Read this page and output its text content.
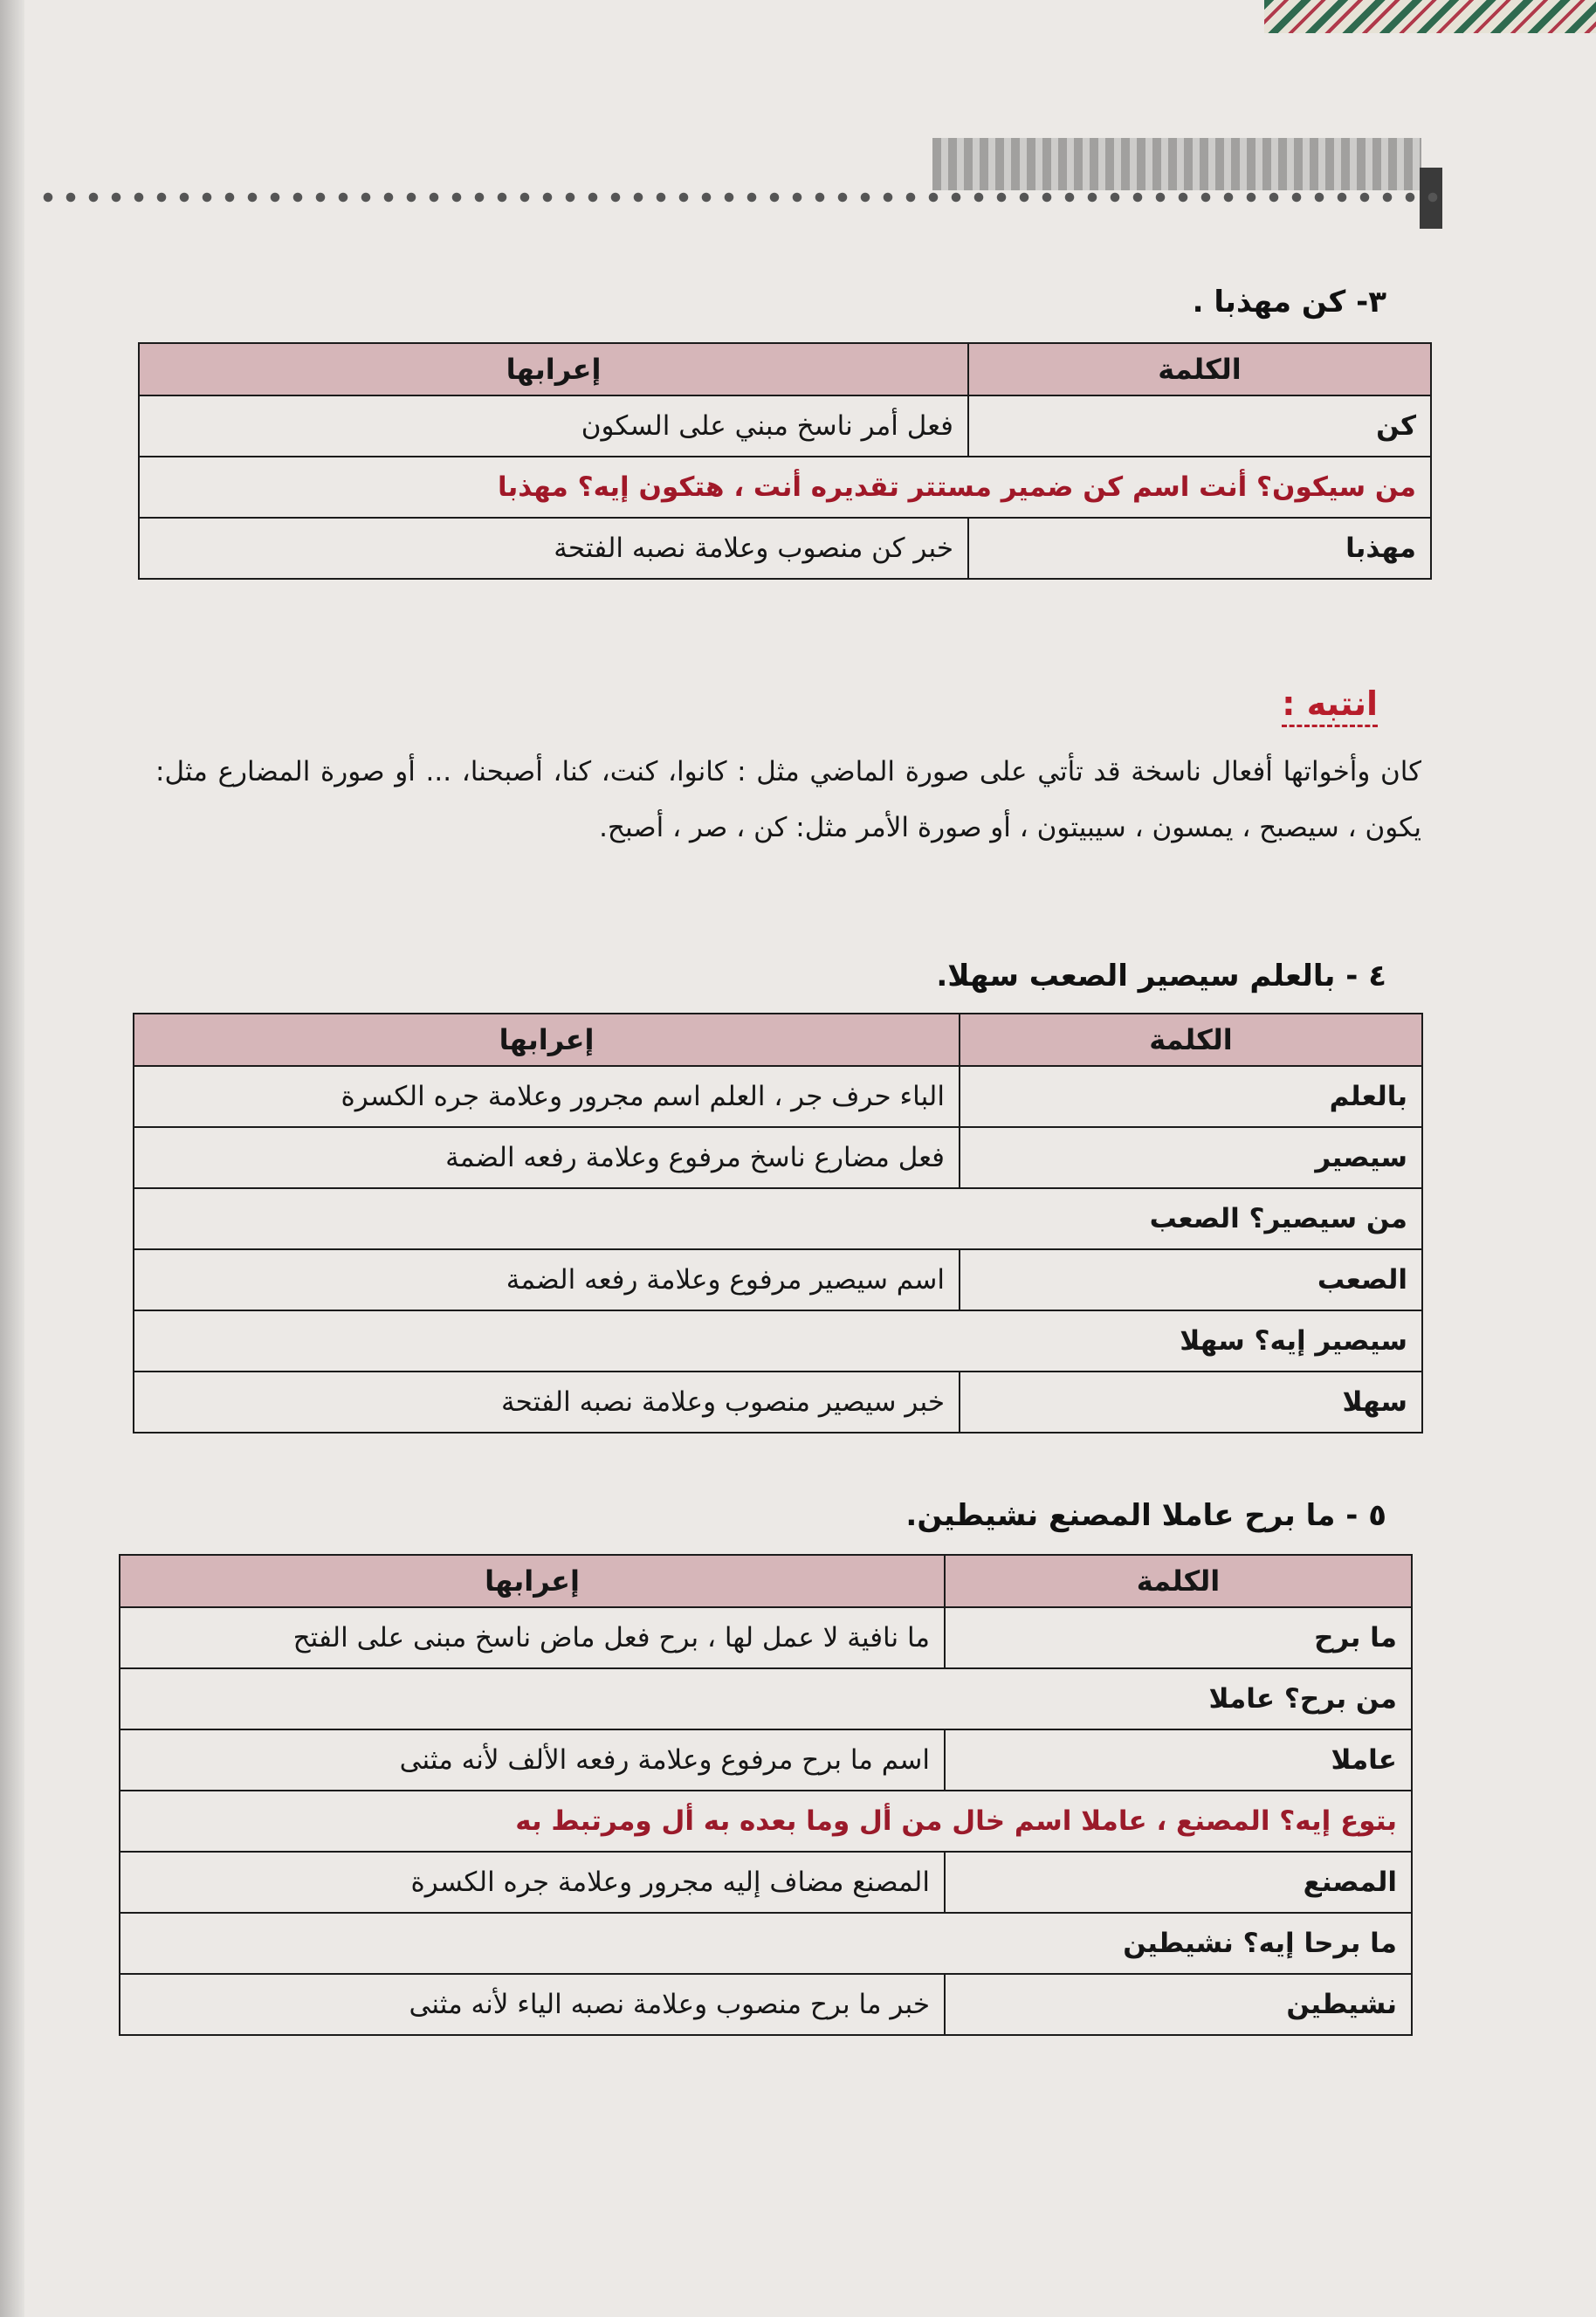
٣- كن مهذبا .
الكلمة	إعرابها
كن	فعل أمر ناسخ مبني على السكون
من سيكون؟ أنت اسم كن ضمير مستتر تقديره أنت ، هتكون إيه؟ مهذبا	
مهذبا	خبر كن منصوب وعلامة نصبه الفتحة
انتبه :
كان وأخواتها أفعال ناسخة قد تأتي على صورة الماضي مثل : كانوا، كنت، كنا، أصبحنا، ... أو صورة المضارع مثل: يكون ، سيصبح ، يمسون ، سيبيتون ، أو صورة الأمر مثل: كن ، صر ، أصبح.
٤ - بالعلم سيصير الصعب سهلا.
الكلمة	إعرابها
بالعلم	الباء حرف جر ، العلم اسم مجرور وعلامة جره الكسرة
سيصير	فعل مضارع ناسخ مرفوع وعلامة رفعه الضمة
من سيصير؟ الصعب	
الصعب	اسم سيصير مرفوع وعلامة رفعه الضمة
سيصير إيه؟ سهلا	
سهلا	خبر سيصير منصوب وعلامة نصبه الفتحة
٥ - ما برح عاملا المصنع نشيطين.
الكلمة	إعرابها
ما برح	ما نافية لا عمل لها ، برح فعل ماض ناسخ مبنى على الفتح
من برح؟ عاملا	
عاملا	اسم ما برح مرفوع وعلامة رفعه الألف لأنه مثنى
بتوع إيه؟ المصنع ، عاملا اسم خال من أل وما بعده به أل ومرتبط به	
المصنع	المصنع مضاف إليه مجرور وعلامة جره الكسرة
ما برحا إيه؟ نشيطين	
نشيطين	خبر ما برح منصوب وعلامة نصبه الياء لأنه مثنى
